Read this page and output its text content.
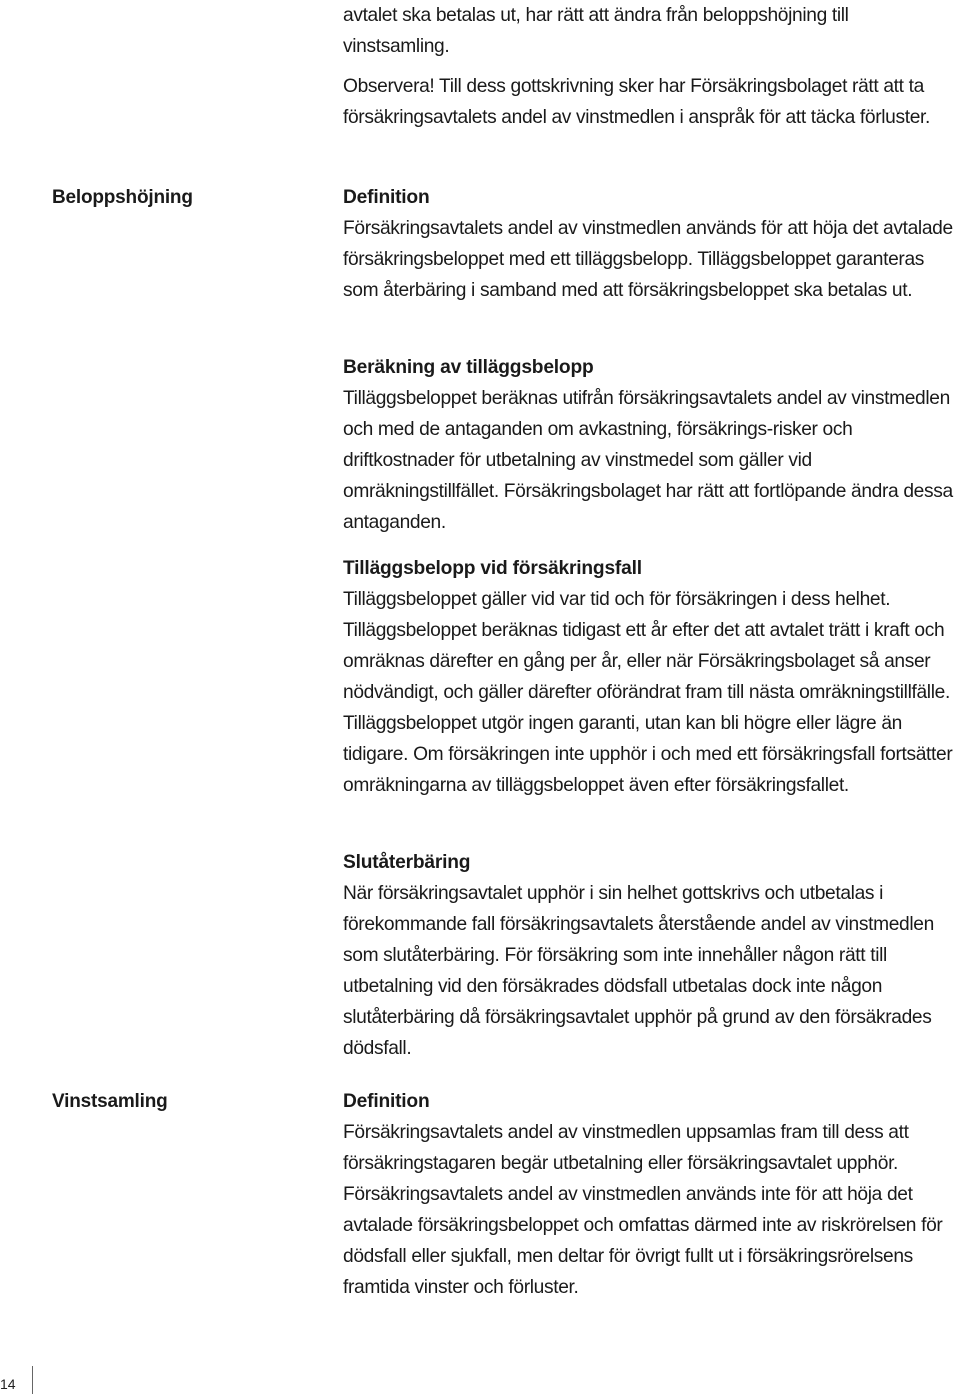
avtalet ska betalas ut, har rätt att ändra från beloppshöjning till vinstsamling.

Observera! Till dess gottskrivning sker har Försäkringsbolaget rätt att ta försäkringsavtalets andel av vinstmedlen i anspråk för att täcka förluster.

Beloppshöjning	Definition

Försäkringsavtalets andel av vinstmedlen används för att höja det avtalade försäkringsbeloppet med ett tilläggsbelopp. Tilläggsbeloppet garanteras som återbäring i samband med att försäkringsbeloppet ska betalas ut.

Beräkning av tilläggsbelopp

Tilläggsbeloppet beräknas utifrån försäkringsavtalets andel av vinstmedlen och med de antaganden om avkastning, försäkrings-risker och driftkostnader för utbetalning av vinstmedel som gäller vid omräkningstillfället. Försäkringsbolaget har rätt att fortlöpande ändra dessa antaganden.

Tilläggsbelopp vid försäkringsfall

Tilläggsbeloppet gäller vid var tid och för försäkringen i dess helhet. Tilläggsbeloppet beräknas tidigast ett år efter det att avtalet trätt i kraft och omräknas därefter en gång per år, eller när Försäkringsbolaget så anser nödvändigt, och gäller därefter oförändrat fram till nästa omräkningstillfälle. Tilläggsbeloppet utgör ingen garanti, utan kan bli högre eller lägre än tidigare. Om försäkringen inte upphör i och med ett försäkringsfall fortsätter omräkningarna av tilläggsbeloppet även efter försäkringsfallet.

Slutåterbäring

När försäkringsavtalet upphör i sin helhet gottskrivs och utbetalas i förekommande fall försäkringsavtalets återstående andel av vinstmedlen som slutåterbäring. För försäkring som inte innehåller någon rätt till utbetalning vid den försäkrades dödsfall utbetalas dock inte någon slutåterbäring då försäkringsavtalet upphör på grund av den försäkrades dödsfall.

Vinstsamling	Definition

Försäkringsavtalets andel av vinstmedlen uppsamlas fram till dess att försäkringstagaren begär utbetalning eller försäkringsavtalet upphör. Försäkringsavtalets andel av vinstmedlen används inte för att höja det avtalade försäkringsbeloppet och omfattas därmed inte av riskrörelsen för dödsfall eller sjukfall, men deltar för övrigt fullt ut i försäkringsrörelsens framtida vinster och förluster.

14
